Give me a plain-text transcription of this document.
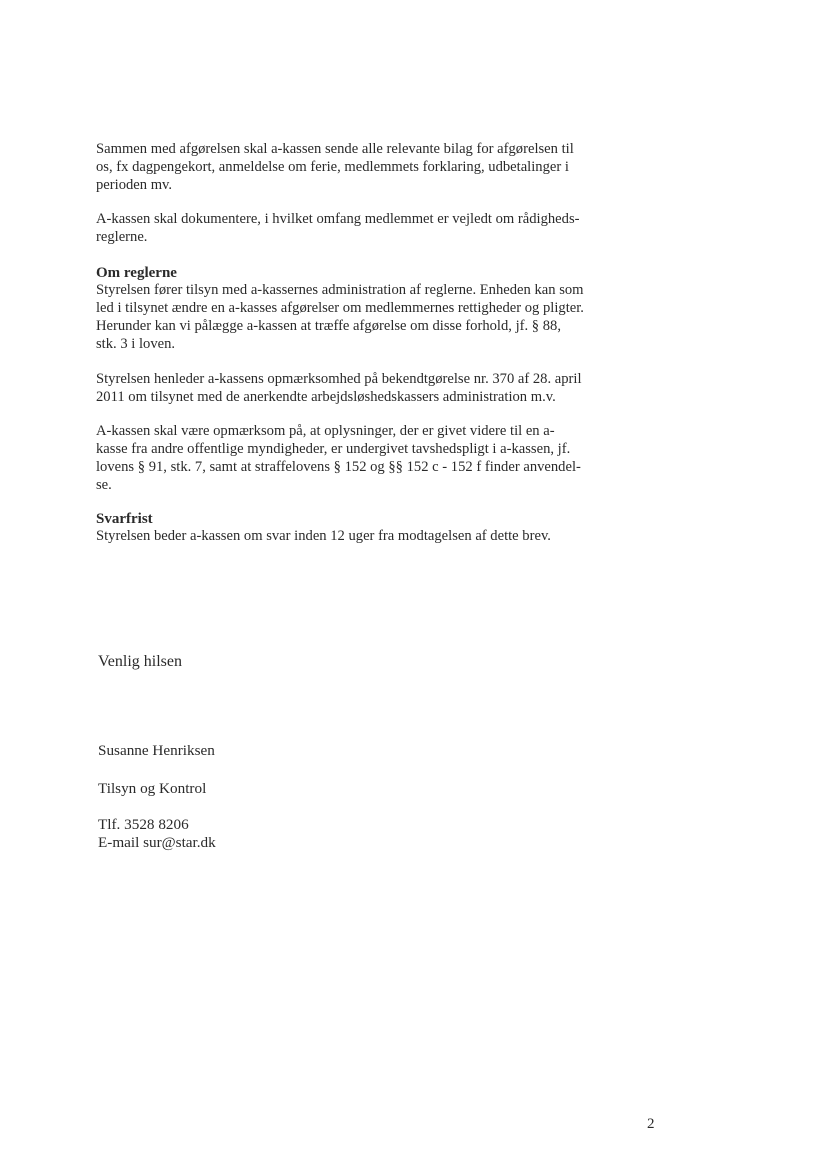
Sammen med afgørelsen skal a-kassen sende alle relevante bilag for afgørelsen til
os, fx dagpengekort, anmeldelse om ferie, medlemmets forklaring, udbetalinger i
perioden mv.

A-kassen skal dokumentere, i hvilket omfang medlemmet er vejledt om rådigheds-
reglerne.

Om reglerne

Styrelsen fører tilsyn med a-kassernes administration af reglerne. Enheden kan som
led i tilsynet ændre en a-kasses afgørelser om medlemmernes rettigheder og pligter.
Herunder kan vi pålægge a-kassen at træffe afgørelse om disse forhold, jf. § 88,
stk. 3 i loven.

Styrelsen henleder a-kassens opmærksomhed på bekendtgørelse nr. 370 af 28. april
2011 om tilsynet med de anerkendte arbejdsløshedskassers administration m.v.

A-kassen skal være opmærksom på, at oplysninger, der er givet videre til en a-
kasse fra andre offentlige myndigheder, er undergivet tavshedspligt i a-kassen, jf.
lovens § 91, stk. 7, samt at straffelovens § 152 og §§ 152 c - 152 f finder anvendel-
se.

Svarfrist

Styrelsen beder a-kassen om svar inden 12 uger fra modtagelsen af dette brev.

Venlig hilsen

Susanne Henriksen

Tilsyn og Kontrol

Tlf. 3528 8206
E-mail sur@star.dk

2
